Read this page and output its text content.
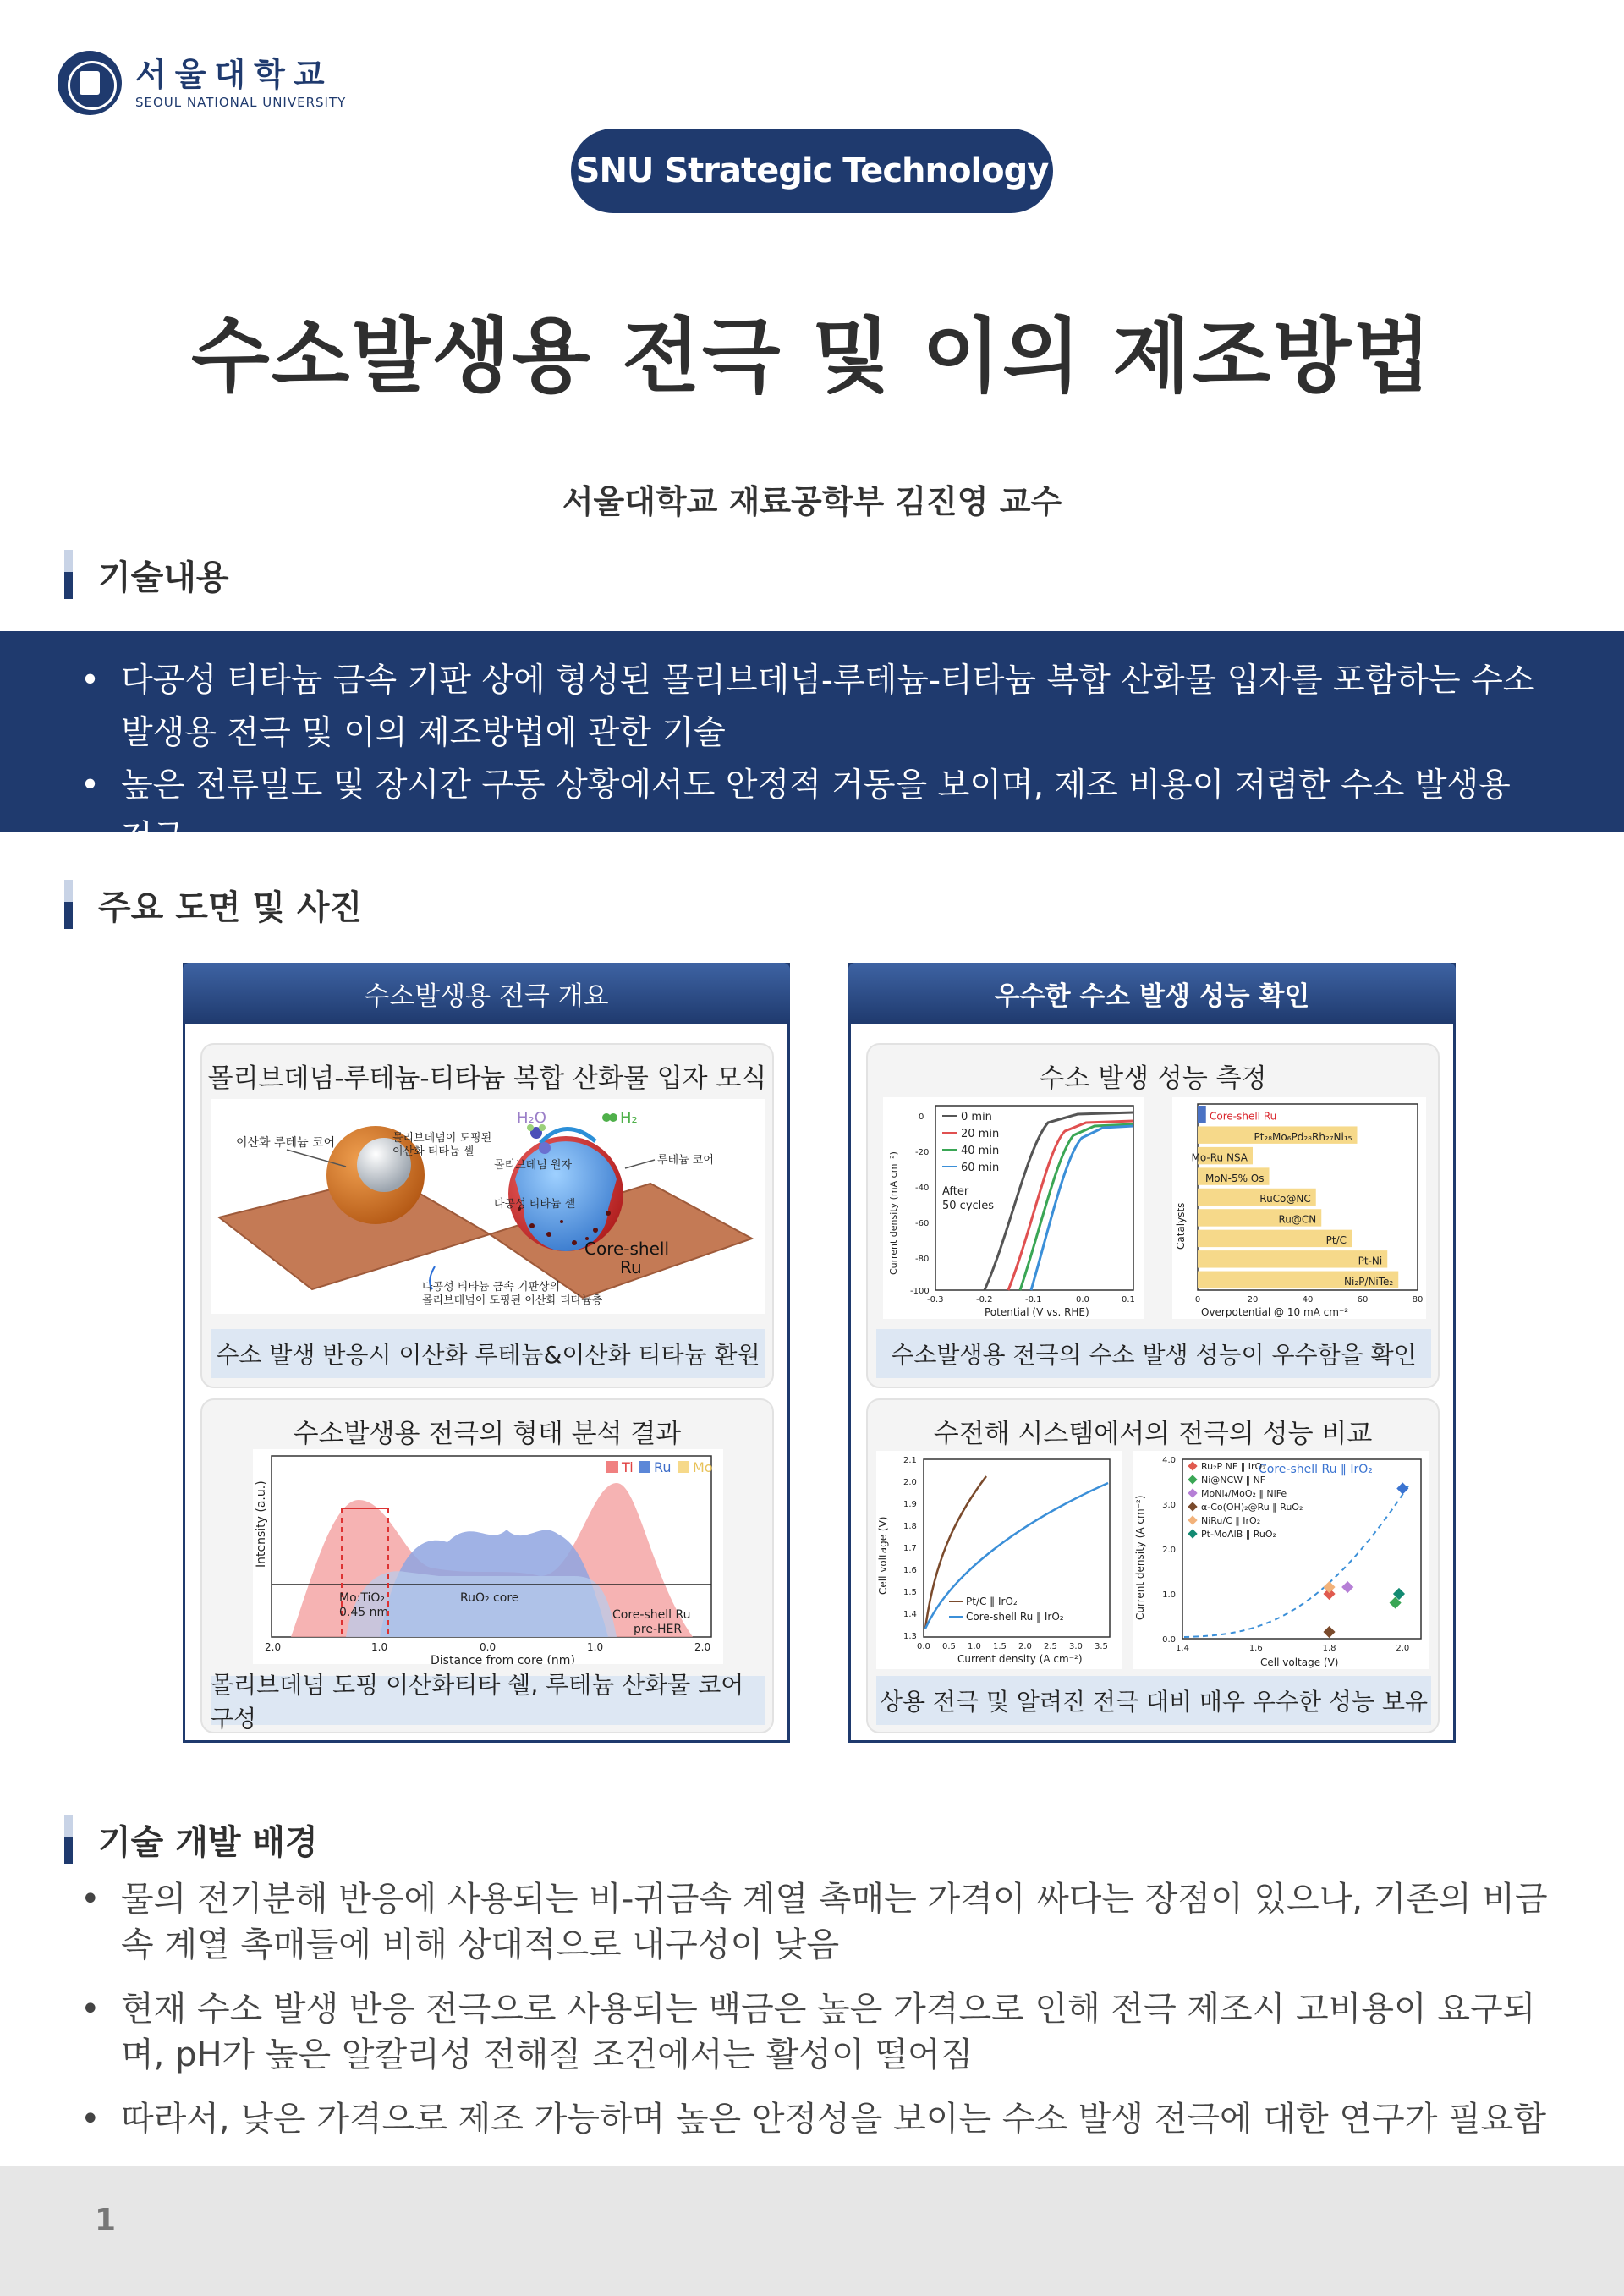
서울대학교
SEOUL NATIONAL UNIVERSITY
SNU Strategic Technology
수소발생용 전극 및 이의 제조방법
서울대학교 재료공학부 김진영 교수
기술내용
• 다공성 티타늄 금속 기판 상에 형성된 몰리브데넘-루테늄-티타늄 복합 산화물 입자를 포함하는 수소 발생용 전극 및 이의 제조방법에 관한 기술
• 높은 전류밀도 및 장시간 구동 상황에서도 안정적 거동을 보이며, 제조 비용이 저렴한 수소 발생용 전극
주요 도면 및 사진
수소발생용 전극 개요
몰리브데넘-루테늄-티타늄 복합 산화물 입자 모식
H₂O	H₂
이산화 루테늄 코어	몰리브데넘이 도핑된
이산화 티타늄 셀
몰리브데넘 원자	루테늄 코어
다공성 티타늄 셀
Core-shell
Ru
다공성 티타늄 금속 기판상의
몰리브데넘이 도핑된 이산화 티타늄층
수소 발생 반응시 이산화 루테늄&이산화 티타늄 환원
수소발생용 전극의 형태 분석 결과
Ti Ru Mo
Intensity (a.u.)
Mo:TiO₂
0.45 nm
RuO₂ core
Core-shell Ru
pre-HER
2.0	1.0	0.0	1.0	2.0
Distance from core (nm)
몰리브데넘 도핑 이산화티타 쉘, 루테늄 산화물 코어 구성
우수한 수소 발생 성능 확인
수소 발생 성능 측정
0 min
20 min
40 min
60 min
After
50 cycles
Current density (mA cm⁻²)
0
-20
-40
-60
-80
-100
-0.3	-0.2	-0.1	0.0	0.1
Potential (V vs. RHE)
Catalysts
Overpotential @ 10 mA cm⁻²
Core-shell Ru
Pt₂₈Mo₆Pd₂₈Rh₂₇Ni₁₅
Mo-Ru NSA
MoN-5% Os
RuCo@NC
Ru@CN
Pt/C
Pt-Ni
Ni₂P/NiTe₂
0	20	40	60	80
수소발생용 전극의 수소 발생 성능이 우수함을 확인
수전해 시스템에서의 전극의 성능 비교
Pt/C ‖ IrO₂
Core-shell Ru ‖ IrO₂
Cell voltage (V)
2.1
2.0
1.9
1.8
1.7
1.6
1.5
1.4
1.3
0.0 0.5 1.0 1.5 2.0 2.5 3.0 3.5
Current density (A cm⁻²)
Current density (A cm⁻²)
Cell voltage (V)
Core-shell Ru ‖ IrO₂
Ru₂P NF ‖ IrO₂
Ni@NCW ‖ NF
MoNi₄/MoO₂ ‖ NiFe
α-Co(OH)₂@Ru ‖ RuO₂
NiRu/C ‖ IrO₂
Pt-MoAlB ‖ RuO₂
1.4	1.6	1.8	2.0
0.0
1.0
2.0
3.0
4.0
상용 전극 및 알려진 전극 대비 매우 우수한 성능 보유
기술 개발 배경
• 물의 전기분해 반응에 사용되는 비-귀금속 계열 촉매는 가격이 싸다는 장점이 있으나, 기존의 비금속 계열 촉매들에 비해 상대적으로 내구성이 낮음
• 현재 수소 발생 반응 전극으로 사용되는 백금은 높은 가격으로 인해 전극 제조시 고비용이 요구되며, pH가 높은 알칼리성 전해질 조건에서는 활성이 떨어짐
• 따라서, 낮은 가격으로 제조 가능하며 높은 안정성을 보이는 수소 발생 전극에 대한 연구가 필요함
1
